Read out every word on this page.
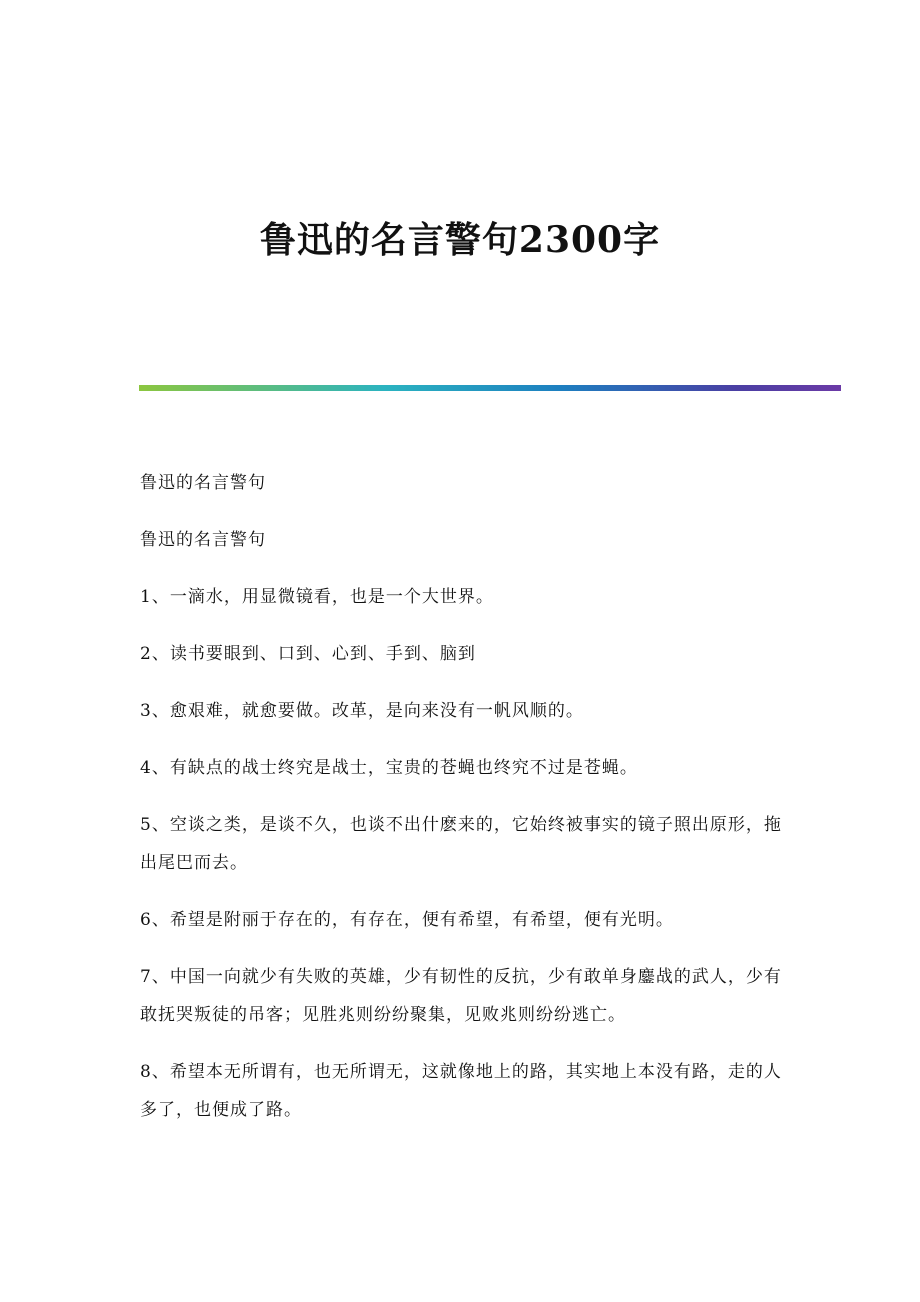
鲁迅的名言警句2300字

鲁迅的名言警句

鲁迅的名言警句

1、一滴水，用显微镜看，也是一个大世界。

2、读书要眼到、口到、心到、手到、脑到

3、愈艰难，就愈要做。改革，是向来没有一帆风顺的。

4、有缺点的战士终究是战士，宝贵的苍蝇也终究不过是苍蝇。

5、空谈之类，是谈不久，也谈不出什麽来的，它始终被事实的镜子照出原形，拖出尾巴而去。

6、希望是附丽于存在的，有存在，便有希望，有希望，便有光明。

7、中国一向就少有失败的英雄，少有韧性的反抗，少有敢单身鏖战的武人，少有敢抚哭叛徒的吊客；见胜兆则纷纷聚集，见败兆则纷纷逃亡。

8、希望本无所谓有，也无所谓无，这就像地上的路，其实地上本没有路，走的人多了，也便成了路。
